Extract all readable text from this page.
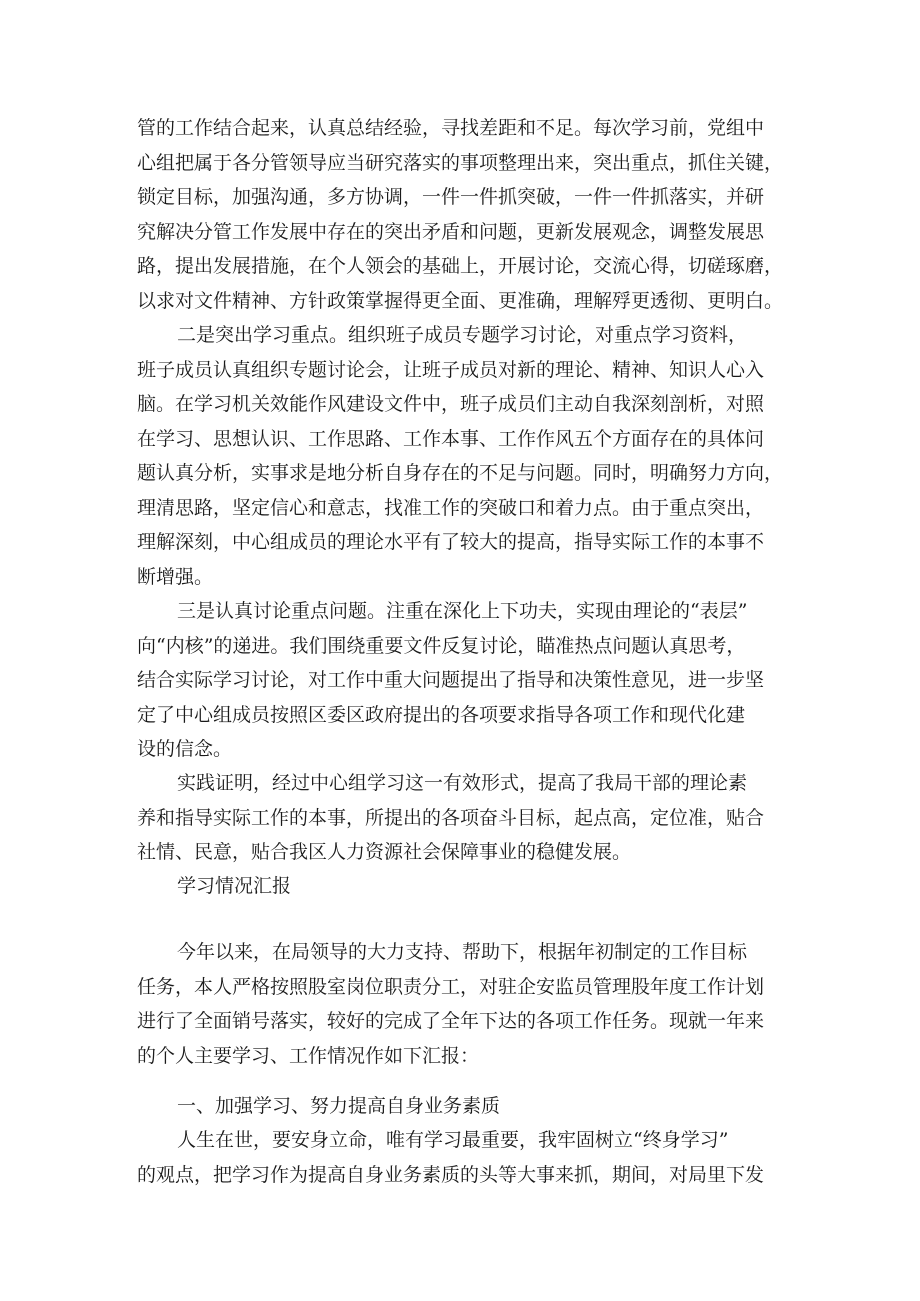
管的工作结合起来，认真总结经验，寻找差距和不足。每次学习前，党组中
心组把属于各分管领导应当研究落实的事项整理出来，突出重点，抓住关键，
锁定目标，加强沟通，多方协调，一件一件抓突破，一件一件抓落实，并研
究解决分管工作发展中存在的突出矛盾和问题，更新发展观念，调整发展思
路，提出发展措施，在个人领会的基础上，开展讨论，交流心得，切磋琢磨，
以求对文件精神、方针政策掌握得更全面、更准确，理解殍更透彻、更明白。
二是突出学习重点。组织班子成员专题学习讨论，对重点学习资料，
班子成员认真组织专题讨论会，让班子成员对新的理论、精神、知识人心入
脑。在学习机关效能作风建设文件中，班子成员们主动自我深刻剖析，对照
在学习、思想认识、工作思路、工作本事、工作作风五个方面存在的具体问
题认真分析，实事求是地分析自身存在的不足与问题。同时，明确努力方向，
理清思路，坚定信心和意志，找准工作的突破口和着力点。由于重点突出，
理解深刻，中心组成员的理论水平有了较大的提高，指导实际工作的本事不
断增强。
三是认真讨论重点问题。注重在深化上下功夫，实现由理论的“表层”
向“内核”的递进。我们围绕重要文件反复讨论，瞄准热点问题认真思考，
结合实际学习讨论，对工作中重大问题提出了指导和决策性意见，进一步坚
定了中心组成员按照区委区政府提出的各项要求指导各项工作和现代化建
设的信念。
实践证明，经过中心组学习这一有效形式，提高了我局干部的理论素
养和指导实际工作的本事，所提出的各项奋斗目标，起点高，定位准，贴合
社情、民意，贴合我区人力资源社会保障事业的稳健发展。
学习情况汇报
今年以来，在局领导的大力支持、帮助下，根据年初制定的工作目标
任务，本人严格按照股室岗位职责分工，对驻企安监员管理股年度工作计划
进行了全面销号落实，较好的完成了全年下达的各项工作任务。现就一年来
的个人主要学习、工作情况作如下汇报：
一、加强学习、努力提高自身业务素质
人生在世，要安身立命，唯有学习最重要，我牢固树立“终身学习”
的观点，把学习作为提高自身业务素质的头等大事来抓，期间，对局里下发
